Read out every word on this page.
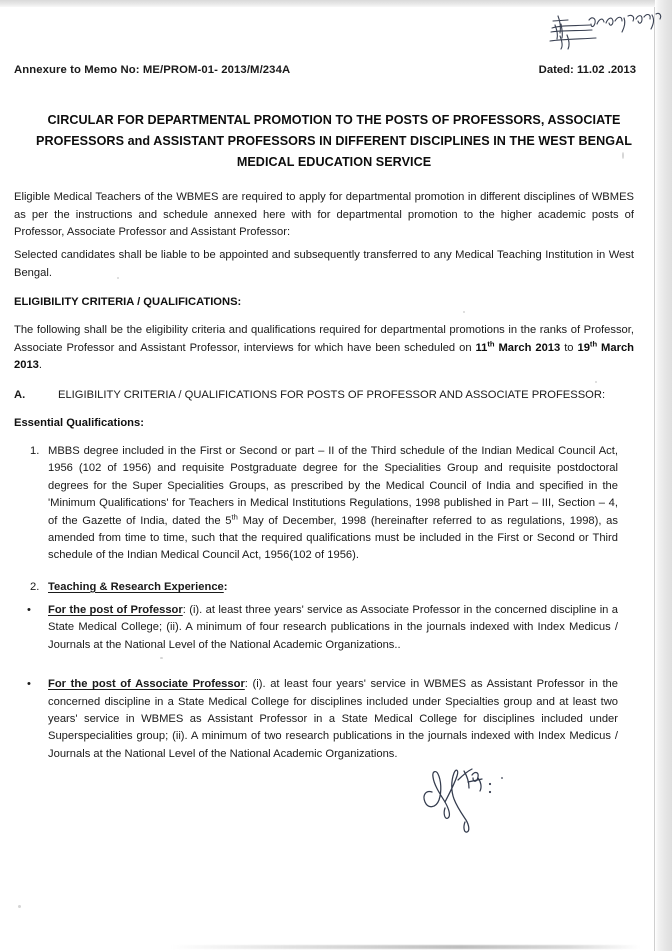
Annexure to Memo No: ME/PROM-01- 2013/M/234A	Dated: 11.02 .2013
CIRCULAR FOR DEPARTMENTAL PROMOTION TO THE POSTS OF PROFESSORS, ASSOCIATE PROFESSORS and ASSISTANT PROFESSORS IN DIFFERENT DISCIPLINES IN THE WEST BENGAL MEDICAL EDUCATION SERVICE
Eligible Medical Teachers of the WBMES are required to apply for departmental promotion in different disciplines of WBMES as per the instructions and schedule annexed here with for departmental promotion to the higher academic posts of Professor, Associate Professor and Assistant Professor:
Selected candidates shall be liable to be appointed and subsequently transferred to any Medical Teaching Institution in West Bengal.
ELIGIBILITY CRITERIA / QUALIFICATIONS:
The following shall be the eligibility criteria and qualifications required for departmental promotions in the ranks of Professor, Associate Professor and Assistant Professor, interviews for which have been scheduled on 11th March 2013 to 19th March 2013.
A.	ELIGIBILITY CRITERIA / QUALIFICATIONS FOR POSTS OF PROFESSOR AND ASSOCIATE PROFESSOR:
Essential Qualifications:
1. MBBS degree included in the First or Second or part – II of the Third schedule of the Indian Medical Council Act, 1956 (102 of 1956) and requisite Postgraduate degree for the Specialities Group and requisite postdoctoral degrees for the Super Specialities Groups, as prescribed by the Medical Council of India and specified in the 'Minimum Qualifications' for Teachers in Medical Institutions Regulations, 1998 published in Part – III, Section – 4, of the Gazette of India, dated the 5th May of December, 1998 (hereinafter referred to as regulations, 1998), as amended from time to time, such that the required qualifications must be included in the First or Second or Third schedule of the Indian Medical Council Act, 1956(102 of 1956).
2. Teaching & Research Experience:
• For the post of Professor: (i). at least three years' service as Associate Professor in the concerned discipline in a State Medical College; (ii). A minimum of four research publications in the journals indexed with Index Medicus / Journals at the National Level of the National Academic Organizations..
• For the post of Associate Professor: (i). at least four years' service in WBMES as Assistant Professor in the concerned discipline in a State Medical College for disciplines included under Specialties group and at least two years' service in WBMES as Assistant Professor in a State Medical College for disciplines included under Superspecialities group; (ii). A minimum of two research publications in the journals indexed with Index Medicus / Journals at the National Level of the National Academic Organizations.
